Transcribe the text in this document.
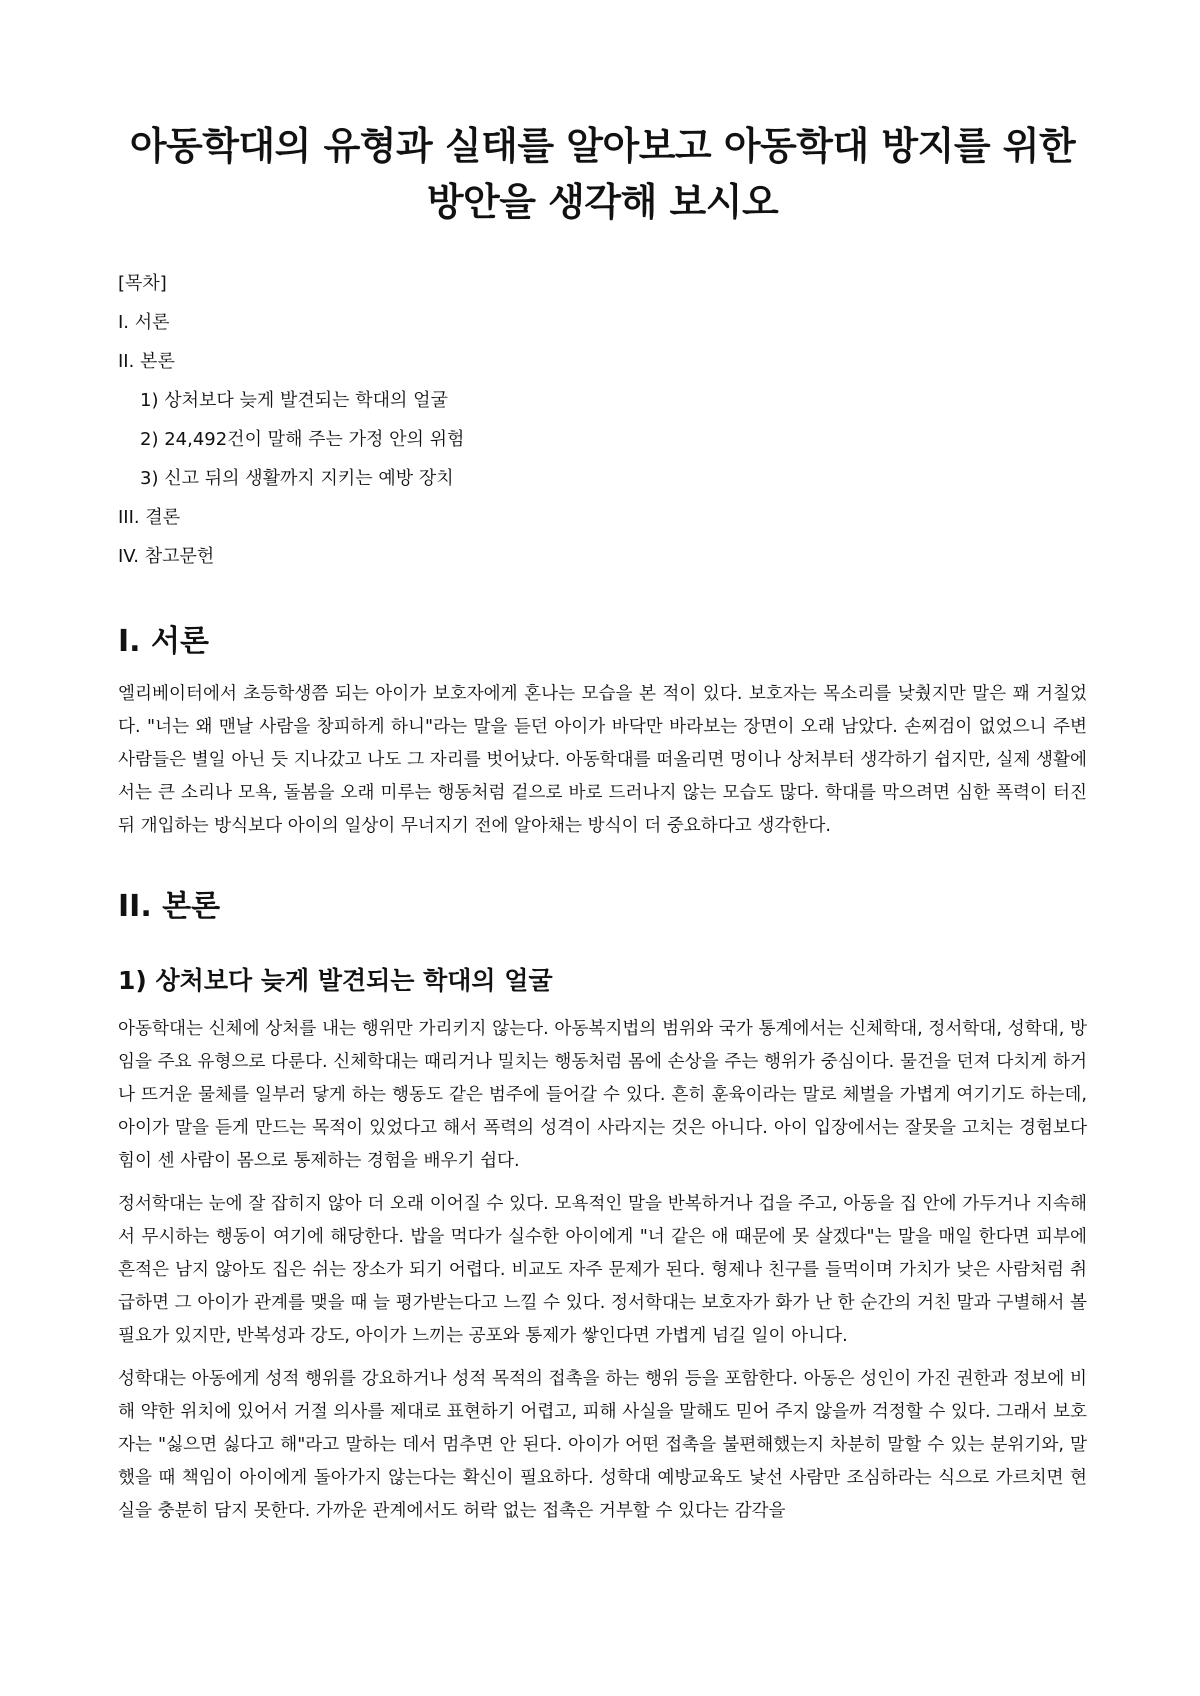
아동학대의 유형과 실태를 알아보고 아동학대 방지를 위한 방안을 생각해 보시오
[목차]
I. 서론
II. 본론
1) 상처보다 늦게 발견되는 학대의 얼굴
2) 24,492건이 말해 주는 가정 안의 위험
3) 신고 뒤의 생활까지 지키는 예방 장치
III. 결론
IV. 참고문헌
I. 서론

엘리베이터에서 초등학생쯤 되는 아이가 보호자에게 혼나는 모습을 본 적이 있다. 보호자는 목소리를 낮췄지만 말은 꽤 거칠었다. "너는 왜 맨날 사람을 창피하게 하니"라는 말을 듣던 아이가 바닥만 바라보는 장면이 오래 남았다. 손찌검이 없었으니 주변 사람들은 별일 아닌 듯 지나갔고 나도 그 자리를 벗어났다. 아동학대를 떠올리면 멍이나 상처부터 생각하기 쉽지만, 실제 생활에서는 큰 소리나 모욕, 돌봄을 오래 미루는 행동처럼 겉으로 바로 드러나지 않는 모습도 많다. 학대를 막으려면 심한 폭력이 터진 뒤 개입하는 방식보다 아이의 일상이 무너지기 전에 알아채는 방식이 더 중요하다고 생각한다.

II. 본론
1) 상처보다 늦게 발견되는 학대의 얼굴

아동학대는 신체에 상처를 내는 행위만 가리키지 않는다. 아동복지법의 범위와 국가 통계에서는 신체학대, 정서학대, 성학대, 방임을 주요 유형으로 다룬다. 신체학대는 때리거나 밀치는 행동처럼 몸에 손상을 주는 행위가 중심이다. 물건을 던져 다치게 하거나 뜨거운 물체를 일부러 닿게 하는 행동도 같은 범주에 들어갈 수 있다. 흔히 훈육이라는 말로 체벌을 가볍게 여기기도 하는데, 아이가 말을 듣게 만드는 목적이 있었다고 해서 폭력의 성격이 사라지는 것은 아니다. 아이 입장에서는 잘못을 고치는 경험보다 힘이 센 사람이 몸으로 통제하는 경험을 배우기 쉽다.

정서학대는 눈에 잘 잡히지 않아 더 오래 이어질 수 있다. 모욕적인 말을 반복하거나 겁을 주고, 아동을 집 안에 가두거나 지속해서 무시하는 행동이 여기에 해당한다. 밥을 먹다가 실수한 아이에게 "너 같은 애 때문에 못 살겠다"는 말을 매일 한다면 피부에 흔적은 남지 않아도 집은 쉬는 장소가 되기 어렵다. 비교도 자주 문제가 된다. 형제나 친구를 들먹이며 가치가 낮은 사람처럼 취급하면 그 아이가 관계를 맺을 때 늘 평가받는다고 느낄 수 있다. 정서학대는 보호자가 화가 난 한 순간의 거친 말과 구별해서 볼 필요가 있지만, 반복성과 강도, 아이가 느끼는 공포와 통제가 쌓인다면 가볍게 넘길 일이 아니다.

성학대는 아동에게 성적 행위를 강요하거나 성적 목적의 접촉을 하는 행위 등을 포함한다. 아동은 성인이 가진 권한과 정보에 비해 약한 위치에 있어서 거절 의사를 제대로 표현하기 어렵고, 피해 사실을 말해도 믿어 주지 않을까 걱정할 수 있다. 그래서 보호자는 "싫으면 싫다고 해"라고 말하는 데서 멈추면 안 된다. 아이가 어떤 접촉을 불편해했는지 차분히 말할 수 있는 분위기와, 말했을 때 책임이 아이에게 돌아가지 않는다는 확신이 필요하다. 성학대 예방교육도 낯선 사람만 조심하라는 식으로 가르치면 현실을 충분히 담지 못한다. 가까운 관계에서도 허락 없는 접촉은 거부할 수 있다는 감각을
